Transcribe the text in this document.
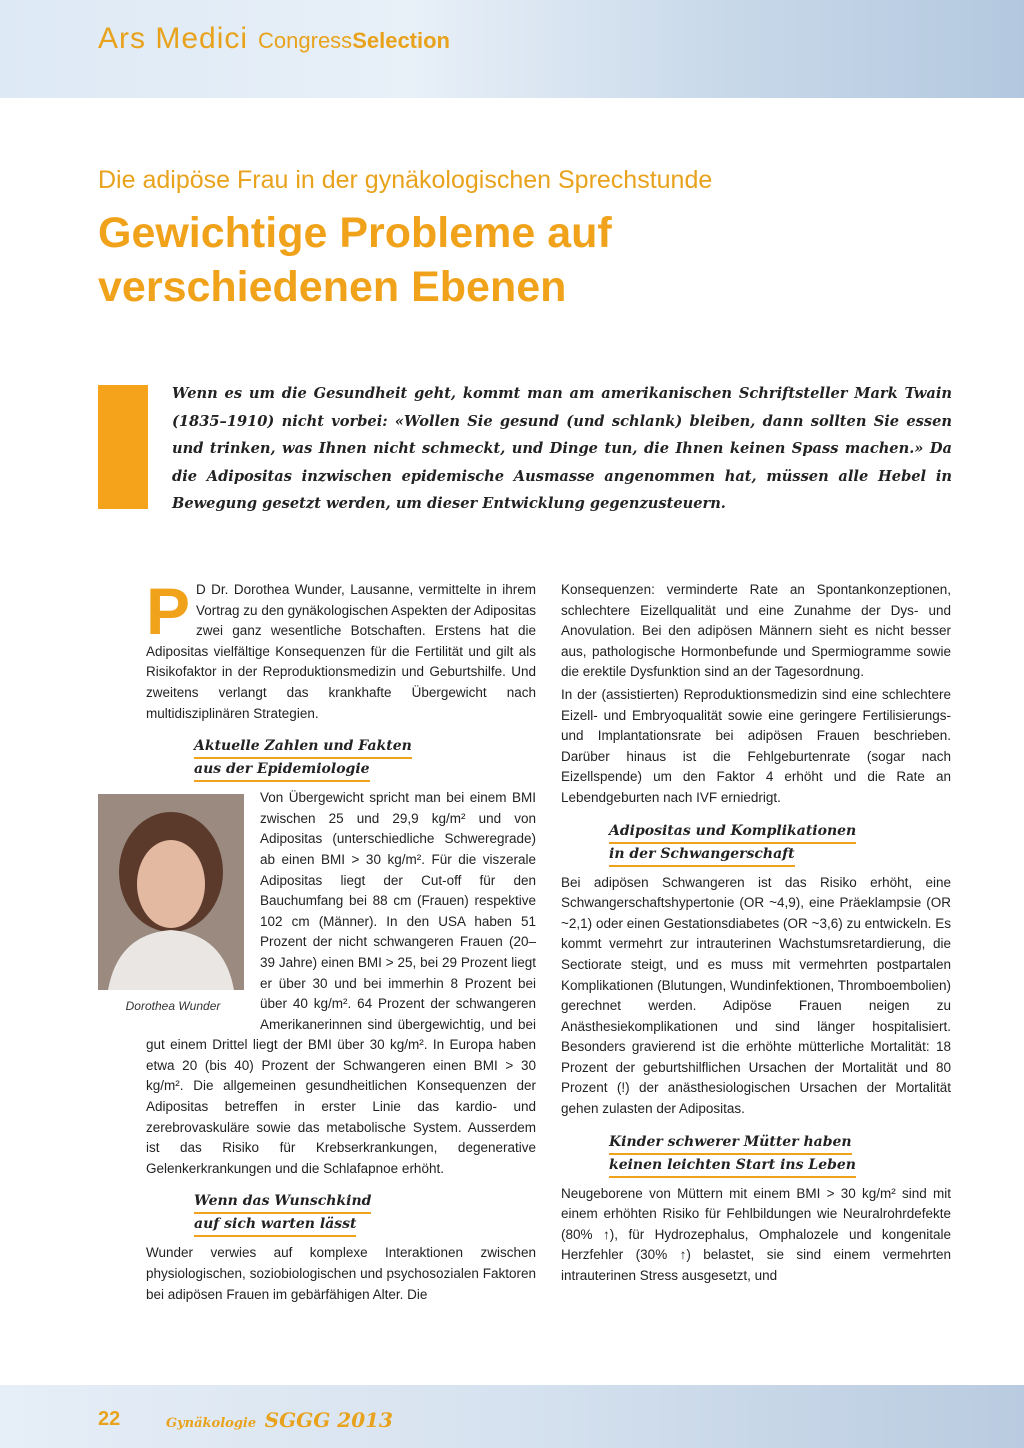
Ars Medici CongressSelection
Die adipöse Frau in der gynäkologischen Sprechstunde
Gewichtige Probleme auf verschiedenen Ebenen
Wenn es um die Gesundheit geht, kommt man am amerikanischen Schriftsteller Mark Twain (1835–1910) nicht vorbei: «Wollen Sie gesund (und schlank) bleiben, dann sollten Sie essen und trinken, was Ihnen nicht schmeckt, und Dinge tun, die Ihnen keinen Spass machen.» Da die Adipositas inzwischen epidemische Ausmasse angenommen hat, müssen alle Hebel in Bewegung gesetzt werden, um dieser Entwicklung gegenzusteuern.

P D Dr. Dorothea Wunder, Lausanne, vermittelte in ihrem Vortrag zu den gynäkologischen Aspekten der Adipositas zwei ganz wesentliche Botschaften. Erstens hat die Adipositas vielfältige Konsequenzen für die Fertilität und gilt als Risikofaktor in der Reproduktionsmedizin und Geburtshilfe. Und zweitens verlangt das krankhafte Übergewicht nach multidisziplinären Strategien.

Aktuelle Zahlen und Fakten
aus der Epidemiologie

Dorothea Wunder
Von Übergewicht spricht man bei einem BMI zwischen 25 und 29,9 kg/m² und von Adipositas (unterschiedliche Schweregrade) ab einen BMI > 30 kg/m². Für die viszerale Adipositas liegt der Cut-off für den Bauchumfang bei 88 cm (Frauen) respektive 102 cm (Männer). In den USA haben 51 Prozent der nicht schwangeren Frauen (20–39 Jahre) einen BMI > 25, bei 29 Prozent liegt er über 30 und bei immerhin 8 Prozent bei über 40 kg/m². 64 Prozent der schwangeren Amerikanerinnen sind übergewichtig, und bei gut einem Drittel liegt der BMI über 30 kg/m². In Europa haben etwa 20 (bis 40) Prozent der Schwangeren einen BMI > 30 kg/m². Die allgemeinen gesundheitlichen Konsequenzen der Adipositas betreffen in erster Linie das kardio- und zerebrovaskuläre sowie das metabolische System. Ausserdem ist das Risiko für Krebserkrankungen, degenerative Gelenkerkrankungen und die Schlafapnoe erhöht.

Wenn das Wunschkind
auf sich warten lässt

Wunder verwies auf komplexe Interaktionen zwischen physiologischen, soziobiologischen und psychosozialen Faktoren bei adipösen Frauen im gebärfähigen Alter. Die

Konsequenzen: verminderte Rate an Spontankonzeptionen, schlechtere Eizellqualität und eine Zunahme der Dys- und Anovulation. Bei den adipösen Männern sieht es nicht besser aus, pathologische Hormonbefunde und Spermiogramme sowie die erektile Dysfunktion sind an der Tagesordnung.

In der (assistierten) Reproduktionsmedizin sind eine schlechtere Eizell- und Embryoqualität sowie eine geringere Fertilisierungs- und Implantationsrate bei adipösen Frauen beschrieben. Darüber hinaus ist die Fehlgeburtenrate (sogar nach Eizellspende) um den Faktor 4 erhöht und die Rate an Lebendgeburten nach IVF erniedrigt.

Adipositas und Komplikationen
in der Schwangerschaft

Bei adipösen Schwangeren ist das Risiko erhöht, eine Schwangerschaftshypertonie (OR ~4,9), eine Präeklampsie (OR ~2,1) oder einen Gestationsdiabetes (OR ~3,6) zu entwickeln. Es kommt vermehrt zur intrauterinen Wachstumsretardierung, die Sectiorate steigt, und es muss mit vermehrten postpartalen Komplikationen (Blutungen, Wundinfektionen, Thromboembolien) gerechnet werden. Adipöse Frauen neigen zu Anästhesiekomplikationen und sind länger hospitalisiert. Besonders gravierend ist die erhöhte mütterliche Mortalität: 18 Prozent der geburtshilflichen Ursachen der Mortalität und 80 Prozent (!) der anästhesiologischen Ursachen der Mortalität gehen zulasten der Adipositas.

Kinder schwerer Mütter haben
keinen leichten Start ins Leben

Neugeborene von Müttern mit einem BMI > 30 kg/m² sind mit einem erhöhten Risiko für Fehlbildungen wie Neuralrohrdefekte (80% ↑), für Hydrozephalus, Omphalozele und kongenitale Herzfehler (30% ↑) belastet, sie sind einem vermehrten intrauterinen Stress ausgesetzt, und

22	Gynäkologie SGGG 2013
